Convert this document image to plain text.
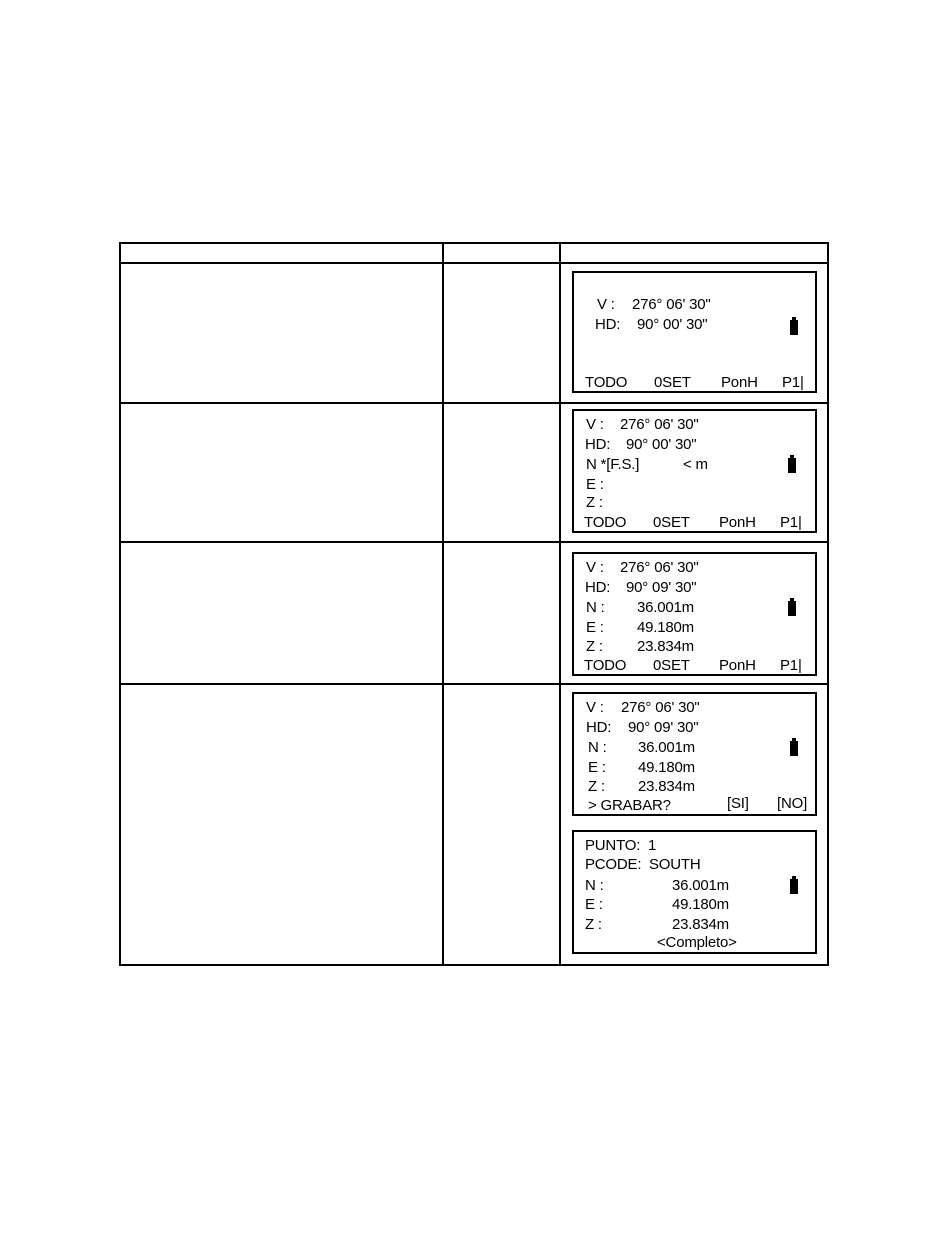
V : 276° 06' 30"
HD: 90° 00' 30"
TODO 0SET PonH P1|
V : 276° 06' 30"
HD: 90° 00' 30"
N *[F.S.]	< m
E :
Z :
TODO 0SET PonH P1|
V : 276° 06' 30"
HD: 90° 09' 30"
N : 36.001m
E : 49.180m
Z : 23.834m
TODO 0SET PonH P1|
V : 276° 06' 30"
HD: 90° 09' 30"
N : 36.001m
E : 49.180m
Z : 23.834m
> GRABAR?	[SI] [NO]
PUNTO: 1
PCODE: SOUTH
N :	36.001m
E :	49.180m
Z :	23.834m
<Completo>
